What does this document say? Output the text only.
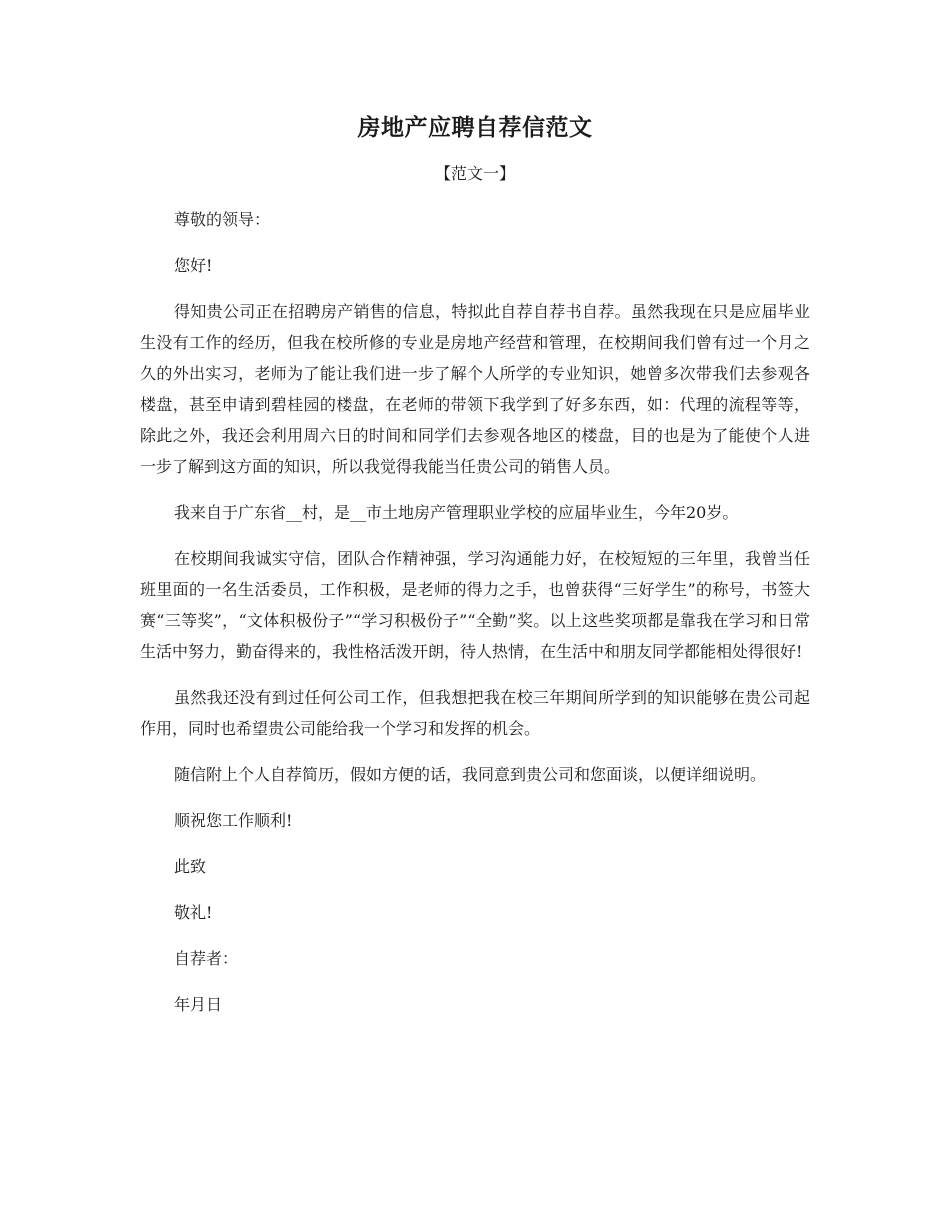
房地产应聘自荐信范文
【范文一】

尊敬的领导：

您好!

得知贵公司正在招聘房产销售的信息，特拟此自荐自荐书自荐。虽然我现在只是应届毕业生没有工作的经历，但我在校所修的专业是房地产经营和管理，在校期间我们曾有过一个月之久的外出实习，老师为了能让我们进一步了解个人所学的专业知识，她曾多次带我们去参观各楼盘，甚至申请到碧桂园的楼盘，在老师的带领下我学到了好多东西，如：代理的流程等等，除此之外，我还会利用周六日的时间和同学们去参观各地区的楼盘，目的也是为了能使个人进一步了解到这方面的知识，所以我觉得我能当任贵公司的销售人员。

我来自于广东省__村，是__市土地房产管理职业学校的应届毕业生，今年20岁。

在校期间我诚实守信，团队合作精神强，学习沟通能力好，在校短短的三年里，我曾当任班里面的一名生活委员，工作积极，是老师的得力之手，也曾获得“三好学生”的称号，书签大赛“三等奖”，“文体积极份子”“学习积极份子”“全勤”奖。以上这些奖项都是靠我在学习和日常生活中努力，勤奋得来的，我性格活泼开朗，待人热情，在生活中和朋友同学都能相处得很好!

虽然我还没有到过任何公司工作，但我想把我在校三年期间所学到的知识能够在贵公司起作用，同时也希望贵公司能给我一个学习和发挥的机会。

随信附上个人自荐简历，假如方便的话，我同意到贵公司和您面谈，以便详细说明。

顺祝您工作顺利!

此致

敬礼!

自荐者：

年月日
